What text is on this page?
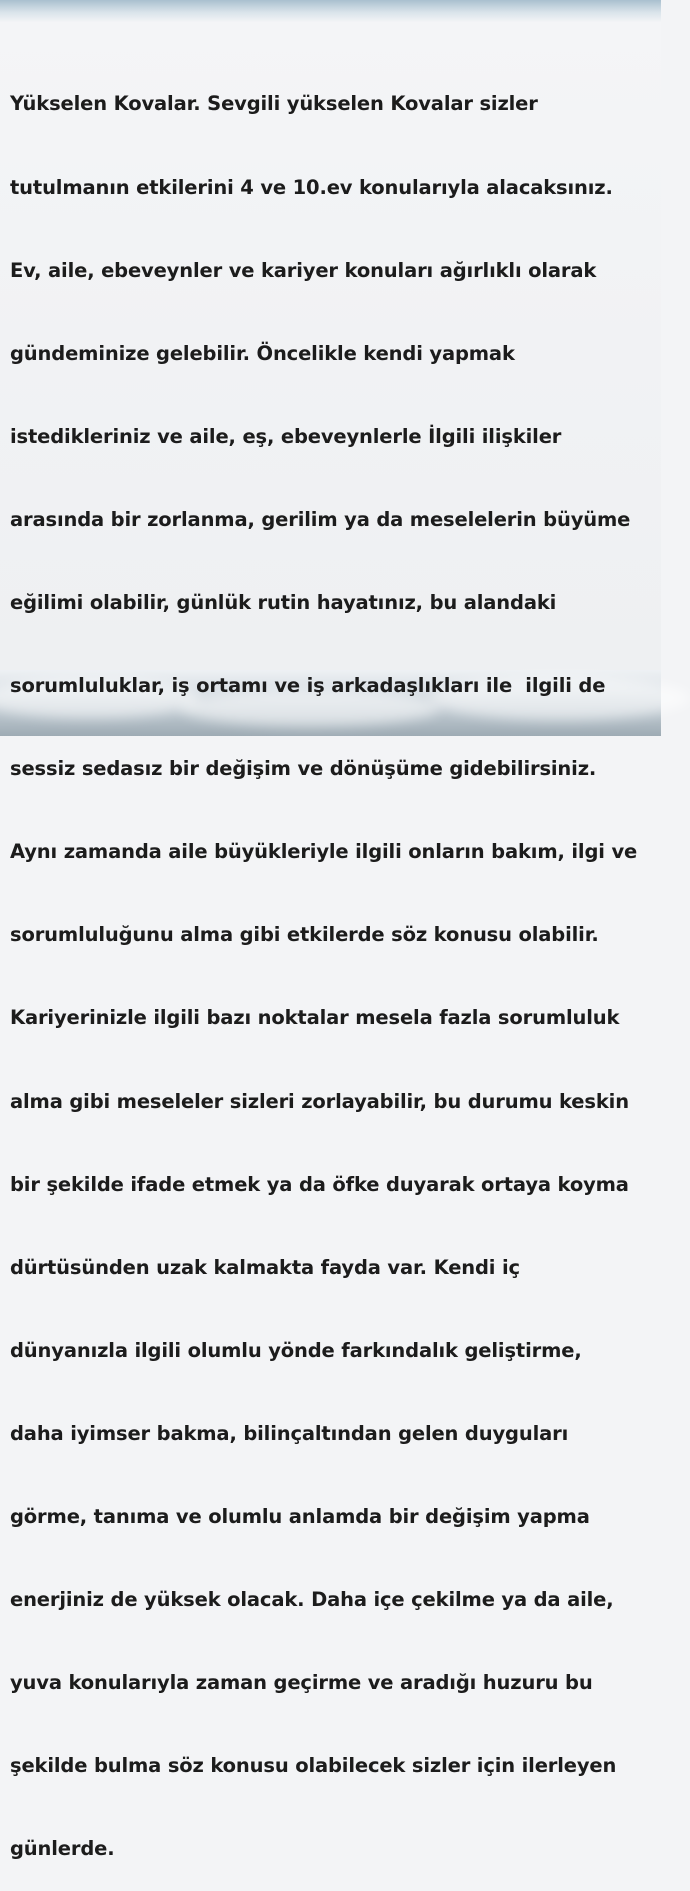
Yükselen Kovalar. Sevgili yükselen Kovalar sizler

tutulmanın etkilerini 4 ve 10.ev konularıyla alacaksınız.

Ev, aile, ebeveynler ve kariyer konuları ağırlıklı olarak

gündeminize gelebilir. Öncelikle kendi yapmak

istedikleriniz ve aile, eş, ebeveynlerle İlgili ilişkiler

arasında bir zorlanma, gerilim ya da meselelerin büyüme

eğilimi olabilir, günlük rutin hayatınız, bu alandaki

sorumluluklar, iş ortamı ve iş arkadaşlıkları ile  ilgili de

sessiz sedasız bir değişim ve dönüşüme gidebilirsiniz.

Aynı zamanda aile büyükleriyle ilgili onların bakım, ilgi ve

sorumluluğunu alma gibi etkilerde söz konusu olabilir.

Kariyerinizle ilgili bazı noktalar mesela fazla sorumluluk

alma gibi meseleler sizleri zorlayabilir, bu durumu keskin

bir şekilde ifade etmek ya da öfke duyarak ortaya koyma

dürtüsünden uzak kalmakta fayda var. Kendi iç

dünyanızla ilgili olumlu yönde farkındalık geliştirme,

daha iyimser bakma, bilinçaltından gelen duyguları

görme, tanıma ve olumlu anlamda bir değişim yapma

enerjiniz de yüksek olacak. Daha içe çekilme ya da aile,

yuva konularıyla zaman geçirme ve aradığı huzuru bu

şekilde bulma söz konusu olabilecek sizler için ilerleyen

günlerde.
